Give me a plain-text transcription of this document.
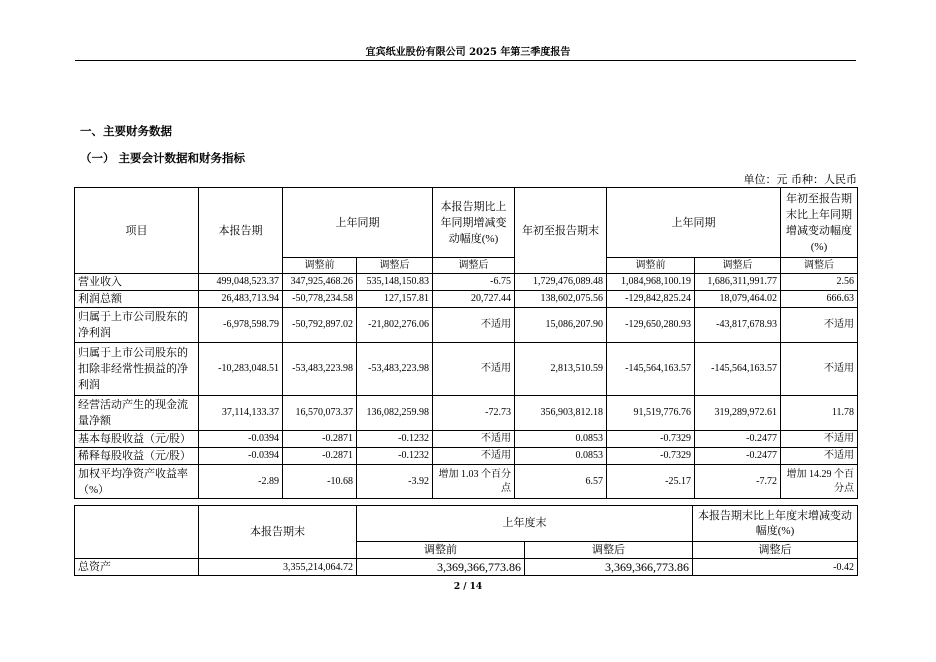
宜宾纸业股份有限公司 2025 年第三季度报告
一、主要财务数据
（一） 主要会计数据和财务指标
单位：元 币种：人民币
项目	本报告期	上年同期		本报告期比上年同期增减变动幅度(%)	年初至报告期末	上年同期		年初至报告期末比上年同期增减变动幅度(%)
		调整前	调整后	调整后		调整前	调整后	调整后
营业收入	499,048,523.37	347,925,468.26	535,148,150.83	-6.75	1,729,476,089.48	1,084,968,100.19	1,686,311,991.77	2.56
利润总额	26,483,713.94	-50,778,234.58	127,157.81	20,727.44	138,602,075.56	-129,842,825.24	18,079,464.02	666.63
归属于上市公司股东的净利润	-6,978,598.79	-50,792,897.02	-21,802,276.06	不适用	15,086,207.90	-129,650,280.93	-43,817,678.93	不适用
归属于上市公司股东的扣除非经常性损益的净利润	-10,283,048.51	-53,483,223.98	-53,483,223.98	不适用	2,813,510.59	-145,564,163.57	-145,564,163.57	不适用
经营活动产生的现金流量净额	37,114,133.37	16,570,073.37	136,082,259.98	-72.73	356,903,812.18	91,519,776.76	319,289,972.61	11.78
基本每股收益（元/股）	-0.0394	-0.2871	-0.1232	不适用	0.0853	-0.7329	-0.2477	不适用
稀释每股收益（元/股）	-0.0394	-0.2871	-0.1232	不适用	0.0853	-0.7329	-0.2477	不适用
加权平均净资产收益率（%）	-2.89	-10.68	-3.92	增加 1.03 个百分点	6.57	-25.17	-7.72	增加 14.29 个百分点
	本报告期末	上年度末		本报告期末比上年度末增减变动幅度(%)
		调整前	调整后	调整后
总资产	3,355,214,064.72	3,369,366,773.86	3,369,366,773.86	-0.42
2 / 14
